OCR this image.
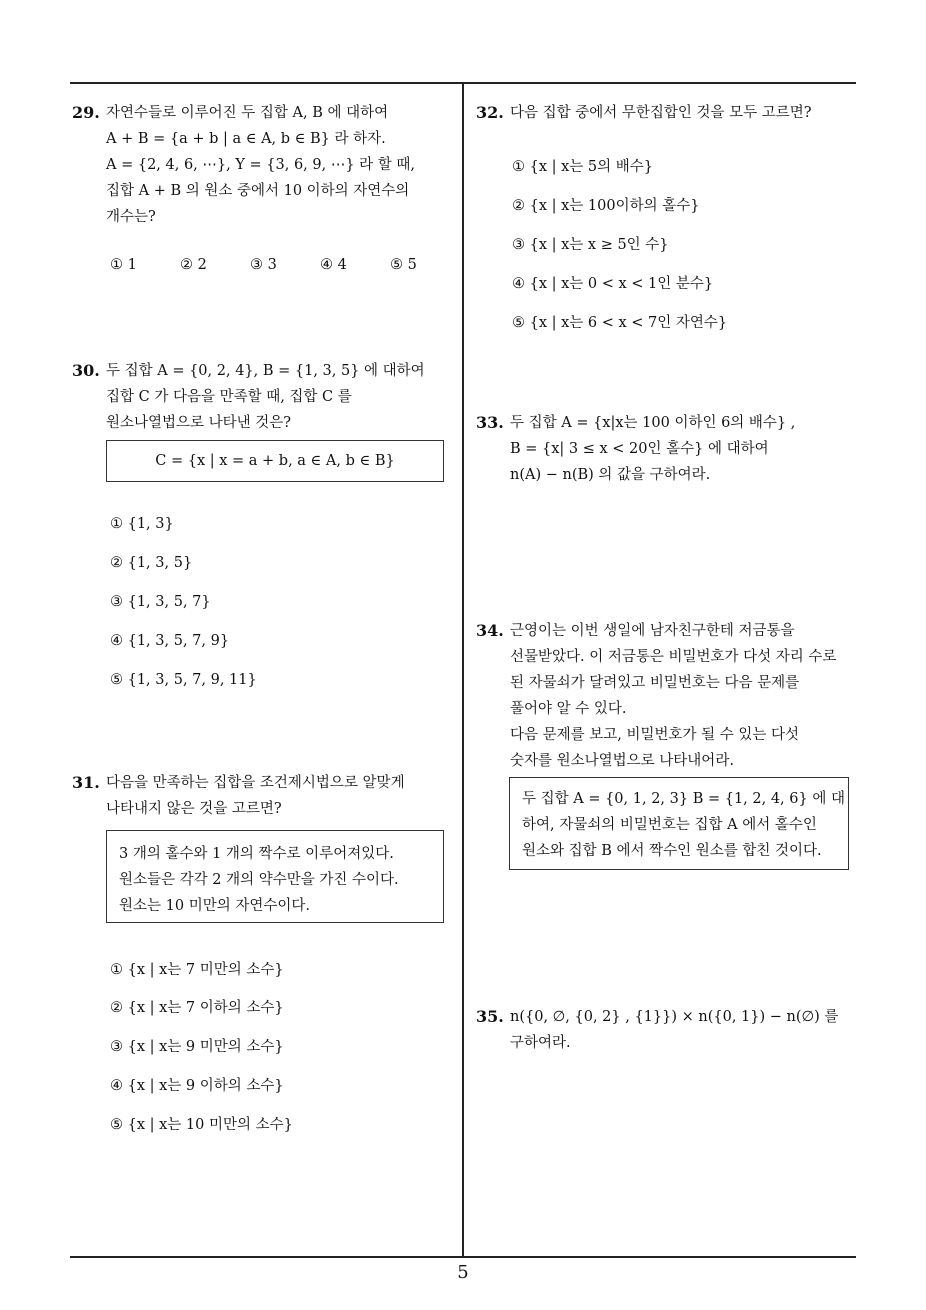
29. 자연수들로 이루어진 두 집합 A, B 에 대하여
A + B = {a + b | a ∈ A, b ∈ B} 라 하자.
A = {2, 4, 6, ⋯}, Y = {3, 6, 9, ⋯} 라 할 때,
집합 A + B 의 원소 중에서 10 이하의 자연수의
개수는?
① 1	② 2	③ 3	④ 4	⑤ 5
30. 두 집합 A = {0, 2, 4}, B = {1, 3, 5} 에 대하여
집합 C 가 다음을 만족할 때, 집합 C 를
원소나열법으로 나타낸 것은?
C = {x | x = a + b, a ∈ A, b ∈ B}
① {1, 3}
② {1, 3, 5}
③ {1, 3, 5, 7}
④ {1, 3, 5, 7, 9}
⑤ {1, 3, 5, 7, 9, 11}
31. 다음을 만족하는 집합을 조건제시법으로 알맞게
나타내지 않은 것을 고르면?
3 개의 홀수와 1 개의 짝수로 이루어져있다.
원소들은 각각 2 개의 약수만을 가진 수이다.
원소는 10 미만의 자연수이다.
① {x | x는 7 미만의 소수}
② {x | x는 7 이하의 소수}
③ {x | x는 9 미만의 소수}
④ {x | x는 9 이하의 소수}
⑤ {x | x는 10 미만의 소수}
32. 다음 집합 중에서 무한집합인 것을 모두 고르면?
① {x | x는 5의 배수}
② {x | x는 100이하의 홀수}
③ {x | x는 x ≥ 5인 수}
④ {x | x는 0 < x < 1인 분수}
⑤ {x | x는 6 < x < 7인 자연수}
33. 두 집합 A = {x|x는 100 이하인 6의 배수} ,
B = {x| 3 ≤ x < 20인 홀수} 에 대하여
n(A) − n(B) 의 값을 구하여라.
34. 근영이는 이번 생일에 남자친구한테 저금통을
선물받았다. 이 저금통은 비밀번호가 다섯 자리 수로
된 자물쇠가 달려있고 비밀번호는 다음 문제를
풀어야 알 수 있다.
다음 문제를 보고, 비밀번호가 될 수 있는 다섯
숫자를 원소나열법으로 나타내어라.
두 집합 A = {0, 1, 2, 3} B = {1, 2, 4, 6} 에 대
하여, 자물쇠의 비밀번호는 집합 A 에서 홀수인
원소와 집합 B 에서 짝수인 원소를 합친 것이다.
35. n({0, ∅, {0, 2} , {1}}) × n({0, 1}) − n(∅) 를
구하여라.
5
